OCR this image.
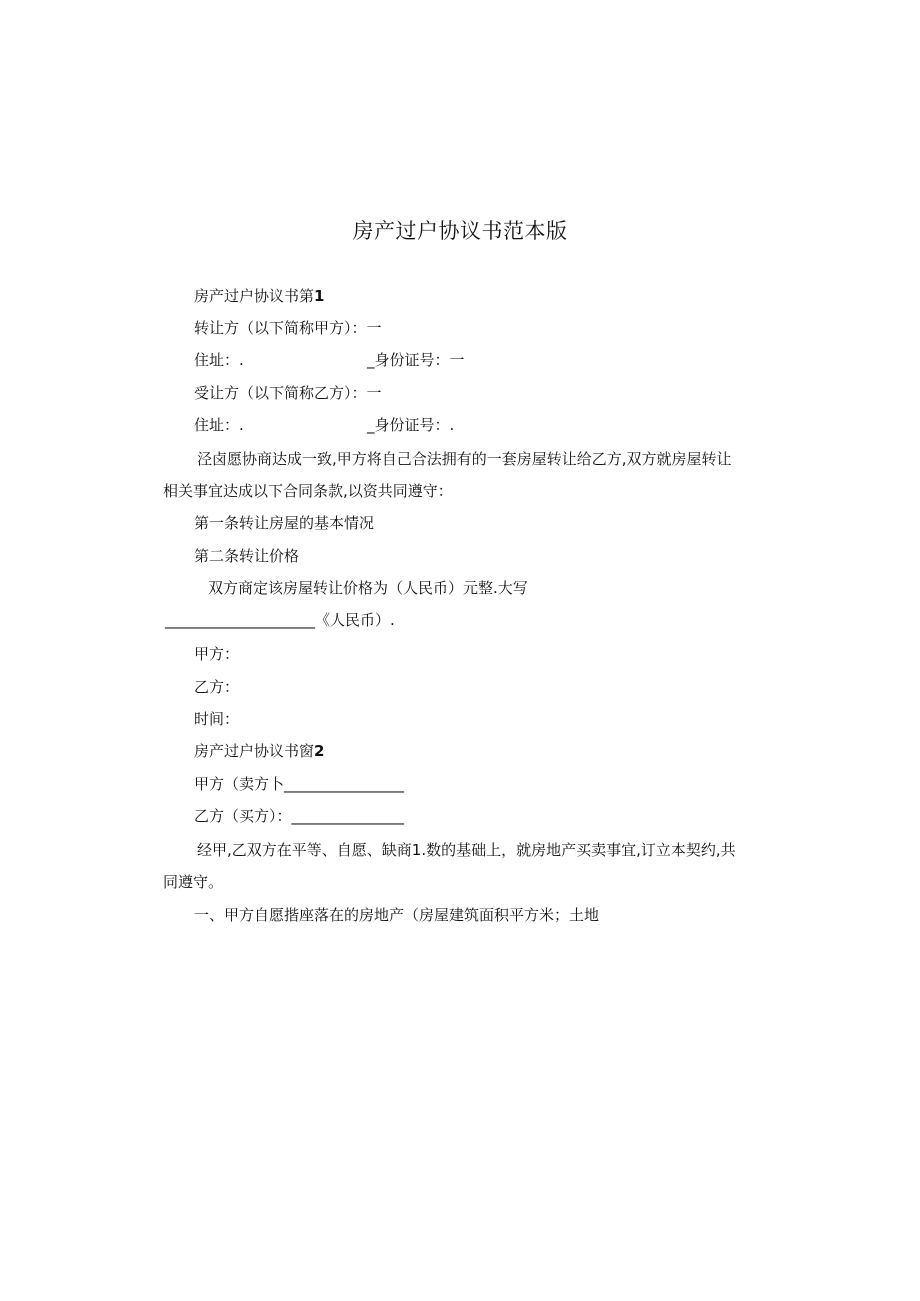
房产过户协议书范本版
房产过户协议书第1
转让方（以下简称甲方）：一
住址：.	_身份证号：一
受让方（以下简称乙方）：一
住址：.	_身份证号：.
泾卤愿协商达成一致,甲方将自己合法拥有的一套房屋转让给乙方,双方就房屋转让
相关事宜达成以下合同条款,以资共同遵守：
第一条转让房屋的基本情况
第二条转让价格
双方商定该房屋转让价格为（人民币）元整.大写
____________________《人民币）.
甲方：
乙方：
时间：
房产过户协议书窗2
甲方（卖方卜________________
乙方（买方）：_______________
经甲,乙双方在平等、自愿、缺商1.数的基础上，就房地产买卖事宜,订立本契约,共
同遵守。
一、甲方自愿揩座落在的房地产（房屋建筑面积平方米；土地
